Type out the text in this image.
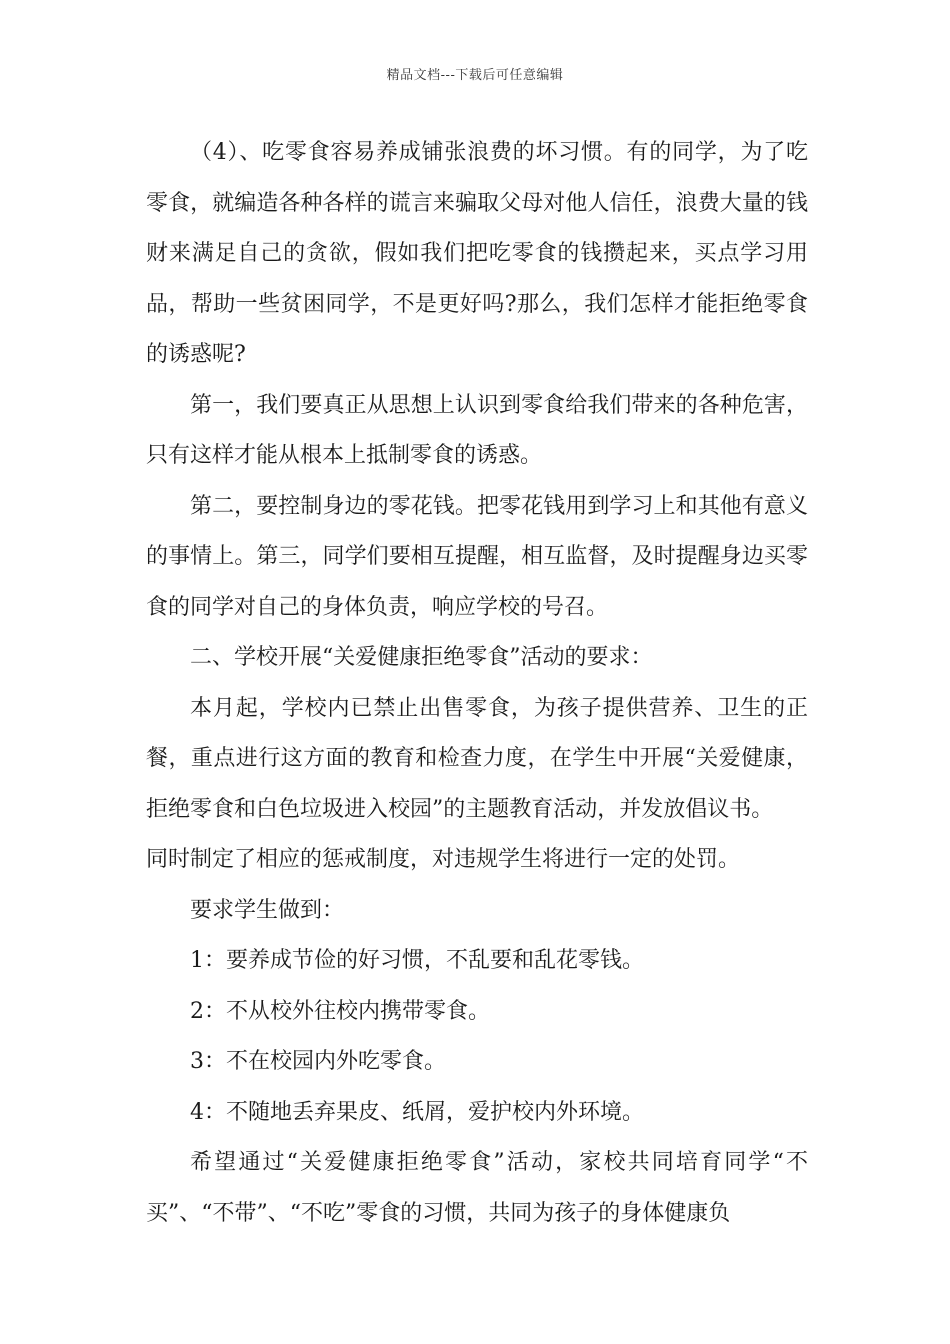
精品文档---下载后可任意编辑

（4）、吃零食容易养成铺张浪费的坏习惯。有的同学，为了吃零食，就编造各种各样的谎言来骗取父母对他人信任，浪费大量的钱财来满足自己的贪欲，假如我们把吃零食的钱攒起来，买点学习用品，帮助一些贫困同学，不是更好吗?那么，我们怎样才能拒绝零食的诱惑呢?

第一，我们要真正从思想上认识到零食给我们带来的各种危害，只有这样才能从根本上抵制零食的诱惑。

第二，要控制身边的零花钱。把零花钱用到学习上和其他有意义的事情上。第三，同学们要相互提醒，相互监督，及时提醒身边买零食的同学对自己的身体负责，响应学校的号召。

二、学校开展“关爱健康拒绝零食”活动的要求：

本月起，学校内已禁止出售零食，为孩子提供营养、卫生的正餐，重点进行这方面的教育和检查力度，在学生中开展“关爱健康，拒绝零食和白色垃圾进入校园”的主题教育活动，并发放倡议书。

同时制定了相应的惩戒制度，对违规学生将进行一定的处罚。

要求学生做到：

1：要养成节俭的好习惯，不乱要和乱花零钱。

2：不从校外往校内携带零食。

3：不在校园内外吃零食。

4：不随地丢弃果皮、纸屑，爱护校内外环境。

希望通过“关爱健康拒绝零食”活动，家校共同培育同学“不买”、“不带”、“不吃”零食的习惯，共同为孩子的身体健康负
